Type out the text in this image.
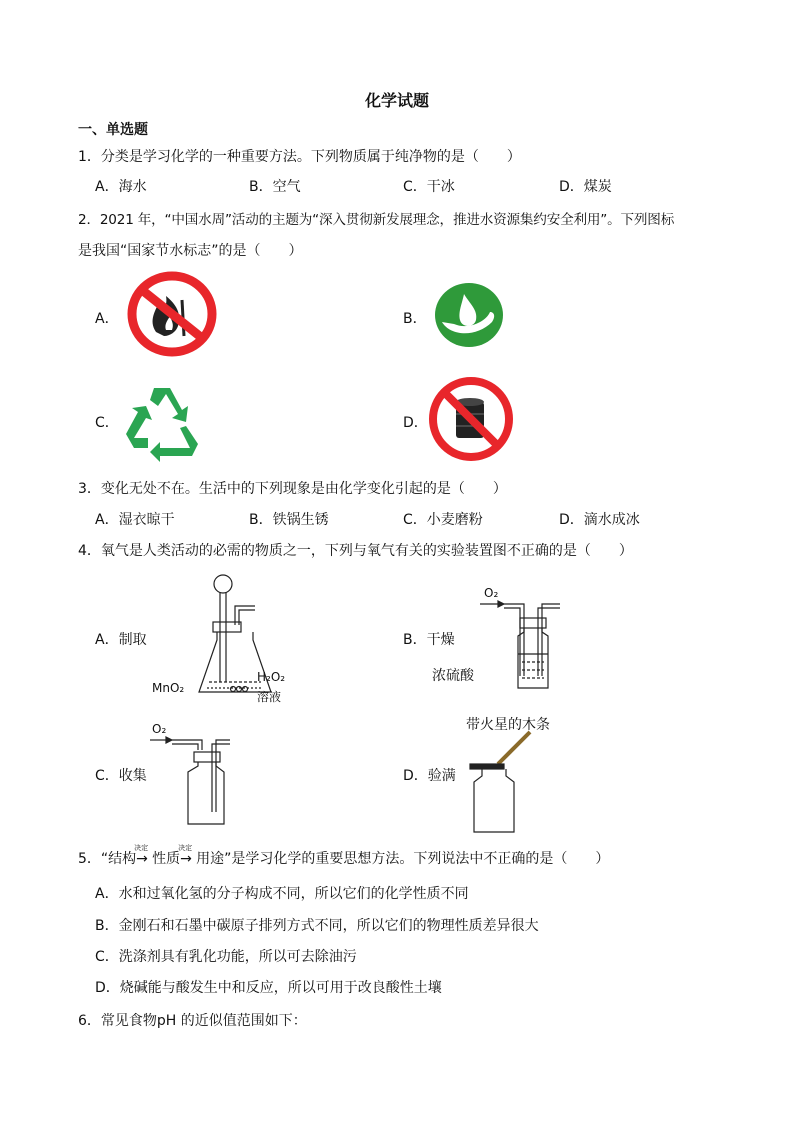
化学试题
一、单选题
1．分类是学习化学的一种重要方法。下列物质属于纯净物的是（　　）
A．海水	B．空气	C．干冰	D．煤炭
2．2021 年，“中国水周”活动的主题为“深入贯彻新发展理念，推进水资源集约安全利用”。下列图标
是我国“国家节水标志”的是（　　）
A．	B．
C．	D．
3．变化无处不在。生活中的下列现象是由化学变化引起的是（　　）
A．湿衣晾干	B．铁锅生锈	C．小麦磨粉	D．滴水成冰
4．氧气是人类活动的必需的物质之一，下列与氧气有关的实验装置图不正确的是（　　）
A．制取
H₂O₂
溶液
MnO₂
B．干燥
O₂
浓硫酸
C．收集
O₂
D．验满
带火星的木条
5．“结构
决定
→ 性质
决定
→ 用途”是学习化学的重要思想方法。下列说法中不正确的是（　　）
A．水和过氧化氢的分子构成不同，所以它们的化学性质不同
B．金刚石和石墨中碳原子排列方式不同，所以它们的物理性质差异很大
C．洗涤剂具有乳化功能，所以可去除油污
D．烧碱能与酸发生中和反应，所以可用于改良酸性土壤
6．常见食物pH 的近似值范围如下：
